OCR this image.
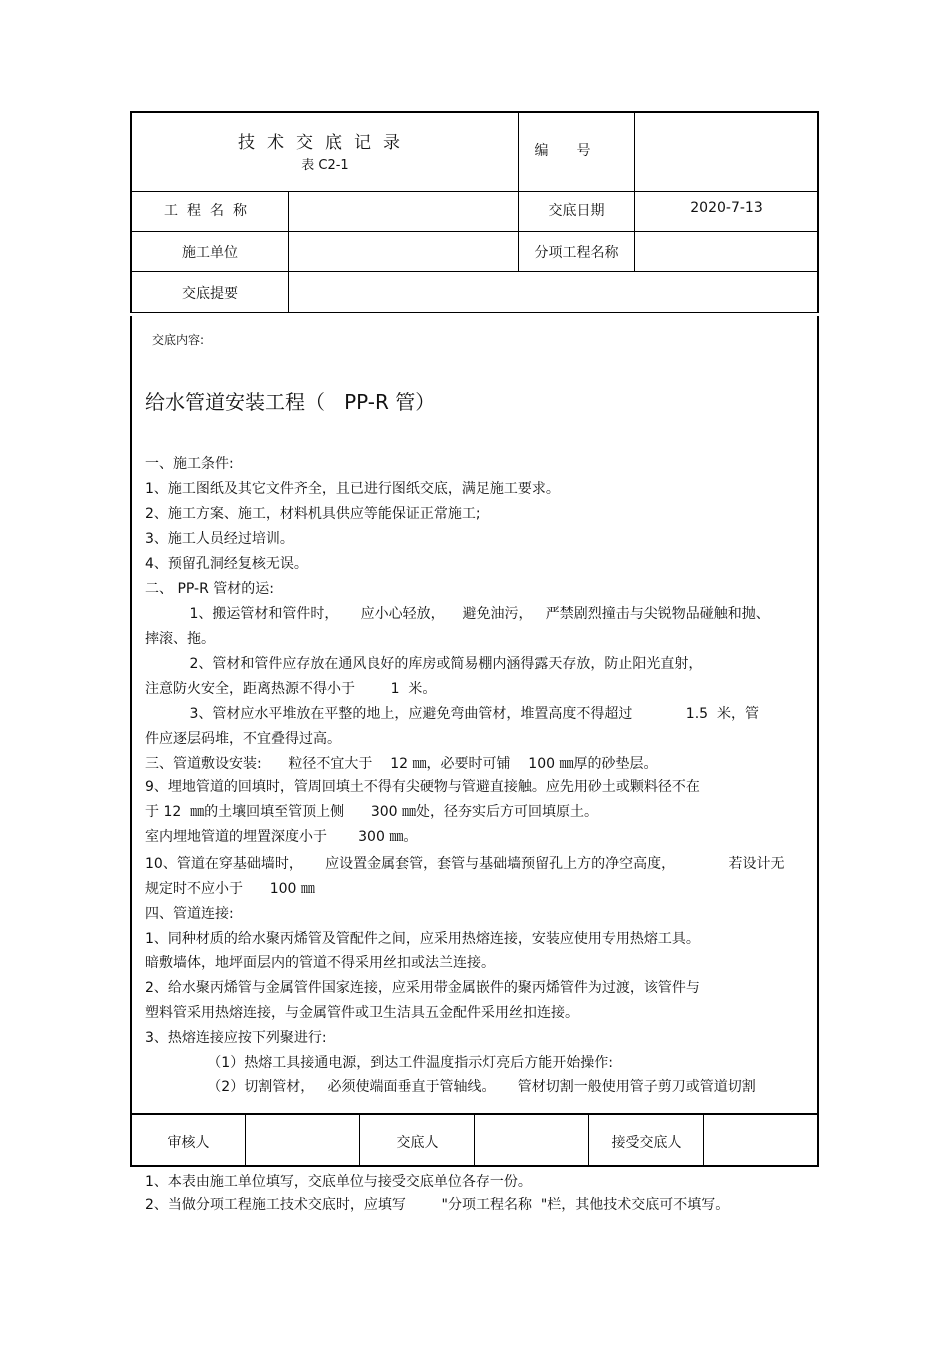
技术交底记录
表 C2-1
编号
工程名称	交底日期	2020-7-13
施工单位	分项工程名称
交底提要
交底内容:
给水管道安装工程（   PP-R 管）
一、施工条件:
1、施工图纸及其它文件齐全，且已进行图纸交底，满足施工要求。
2、施工方案、施工，材料机具供应等能保证正常施工;
3、施工人员经过培训。
4、预留孔洞经复核无误。
二、 PP-R 管材的运:
1、搬运管材和管件时，     应小心轻放，    避免油污，   严禁剧烈撞击与尖锐物品碰触和抛、
摔滚、拖。
2、管材和管件应存放在通风良好的库房或简易棚内涵得露天存放，防止阳光直射，
注意防火安全，距离热源不得小于        1  米。
3、管材应水平堆放在平整的地上，应避免弯曲管材，堆置高度不得超过            1.5  米，管
件应逐层码堆，不宜叠得过高。
三、管道敷设安装:      粒径不宜大于    12 ㎜，必要时可铺    100 ㎜厚的砂垫层。
9、埋地管道的回填时，管周回填土不得有尖硬物与管避直接触。应先用砂土或颗料径不在
于 12  ㎜的土壤回填至管顶上侧      300 ㎜处，径夯实后方可回填原土。
室内埋地管道的埋置深度小于       300 ㎜。
10、管道在穿基础墙时，     应设置金属套管，套管与基础墙预留孔上方的净空高度，            若设计无
规定时不应小于      100 ㎜
四、管道连接:
1、同种材质的给水聚丙烯管及管配件之间，应采用热熔连接，安装应使用专用热熔工具。
暗敷墙体，地坪面层内的管道不得采用丝扣或法兰连接。
2、给水聚丙烯管与金属管件国家连接，应采用带金属嵌件的聚丙烯管件为过渡，该管件与
塑料管采用热熔连接，与金属管件或卫生洁具五金配件采用丝扣连接。
3、热熔连接应按下列聚进行:
（1）热熔工具接通电源，到达工件温度指示灯亮后方能开始操作:
（2）切割管材，   必须使端面垂直于管轴线。     管材切割一般使用管子剪刀或管道切割
审核人	交底人	接受交底人
1、本表由施工单位填写，交底单位与接受交底单位各存一份。
2、当做分项工程施工技术交底时，应填写        "分项工程名称  "栏，其他技术交底可不填写。
